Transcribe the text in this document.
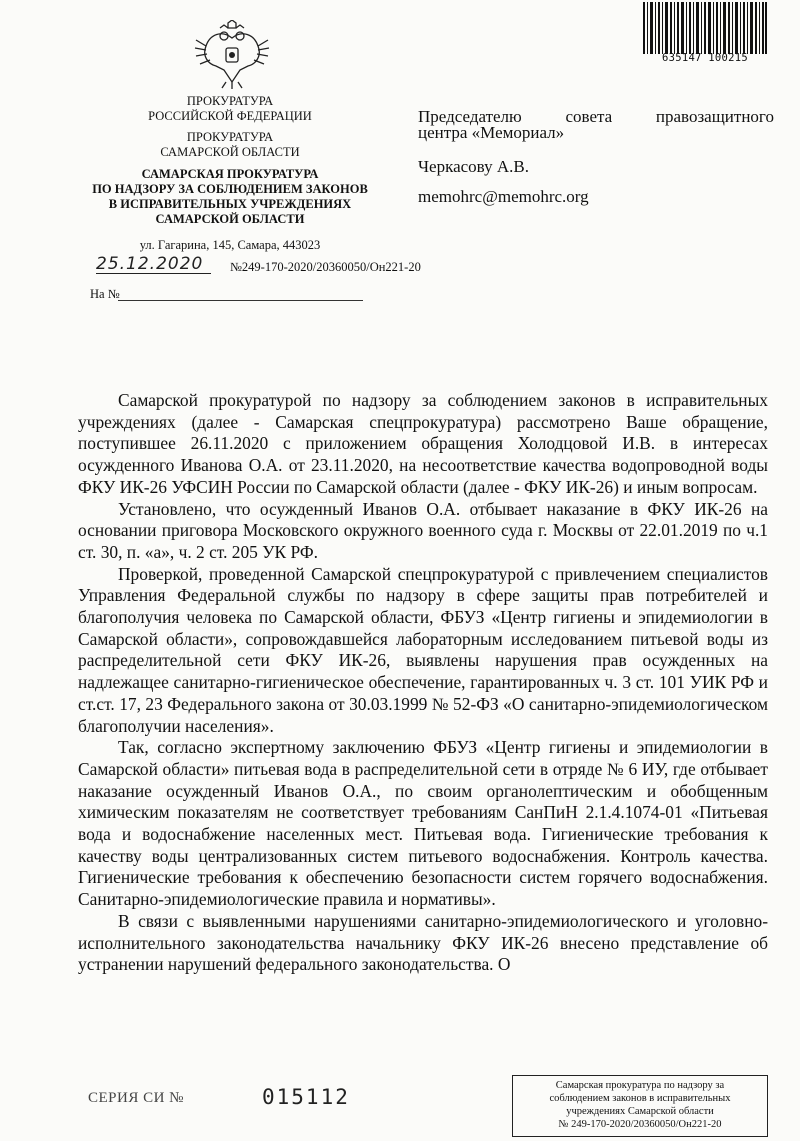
ПРОКУРАТУРА
РОССИЙСКОЙ ФЕДЕРАЦИИ
ПРОКУРАТУРА
САМАРСКОЙ ОБЛАСТИ
САМАРСКАЯ ПРОКУРАТУРА
ПО НАДЗОРУ ЗА СОБЛЮДЕНИЕМ ЗАКОНОВ
В ИСПРАВИТЕЛЬНЫХ УЧРЕЖДЕНИЯХ
САМАРСКОЙ ОБЛАСТИ
ул. Гагарина, 145, Самара, 443023
25.12.2020 №249-170-2020/20360050/Он221-20
На №
635147 100215
Председателю	совета	правозащитного
центра «Мемориал»
Черкасову А.В.
memohrc@memohrc.org

Самарской прокуратурой по надзору за соблюдением законов в исправительных учреждениях (далее - Самарская спецпрокуратура) рассмотрено Ваше обращение, поступившее 26.11.2020 с приложением обращения Холодцовой И.В. в интересах осужденного Иванова О.А. от 23.11.2020, на несоответствие качества водопроводной воды ФКУ ИК-26 УФСИН России по Самарской области (далее - ФКУ ИК-26) и иным вопросам.

Установлено, что осужденный Иванов О.А. отбывает наказание в ФКУ ИК-26 на основании приговора Московского окружного военного суда г. Москвы от 22.01.2019 по ч.1 ст. 30, п. «а», ч. 2 ст. 205 УК РФ.

Проверкой, проведенной Самарской спецпрокуратурой с привлечением специалистов Управления Федеральной службы по надзору в сфере защиты прав потребителей и благополучия человека по Самарской области, ФБУЗ «Центр гигиены и эпидемиологии в Самарской области», сопровождавшейся лабораторным исследованием питьевой воды из распределительной сети ФКУ ИК-26, выявлены нарушения прав осужденных на надлежащее санитарно-гигиеническое обеспечение, гарантированных ч. 3 ст. 101 УИК РФ и ст.ст. 17, 23 Федерального закона от 30.03.1999 № 52-ФЗ «О санитарно-эпидемиологическом благополучии населения».

Так, согласно экспертному заключению ФБУЗ «Центр гигиены и эпидемиологии в Самарской области» питьевая вода в распределительной сети в отряде № 6 ИУ, где отбывает наказание осужденный Иванов О.А., по своим органолептическим и обобщенным химическим показателям не соответствует требованиям СанПиН 2.1.4.1074-01 «Питьевая вода и водоснабжение населенных мест. Питьевая вода. Гигиенические требования к качеству воды централизованных систем питьевого водоснабжения. Контроль качества. Гигиенические требования к обеспечению безопасности систем горячего водоснабжения. Санитарно-эпидемиологические правила и нормативы».

В связи с выявленными нарушениями санитарно-эпидемиологического и уголовно-исполнительного законодательства начальнику ФКУ ИК-26 внесено представление об устранении нарушений федерального законодательства. О

СЕРИЯ СИ №	015112	Самарская прокуратура по надзору за
соблюдением законов в исправительных
учреждениях Самарской области
№ 249-170-2020/20360050/Он221-20
